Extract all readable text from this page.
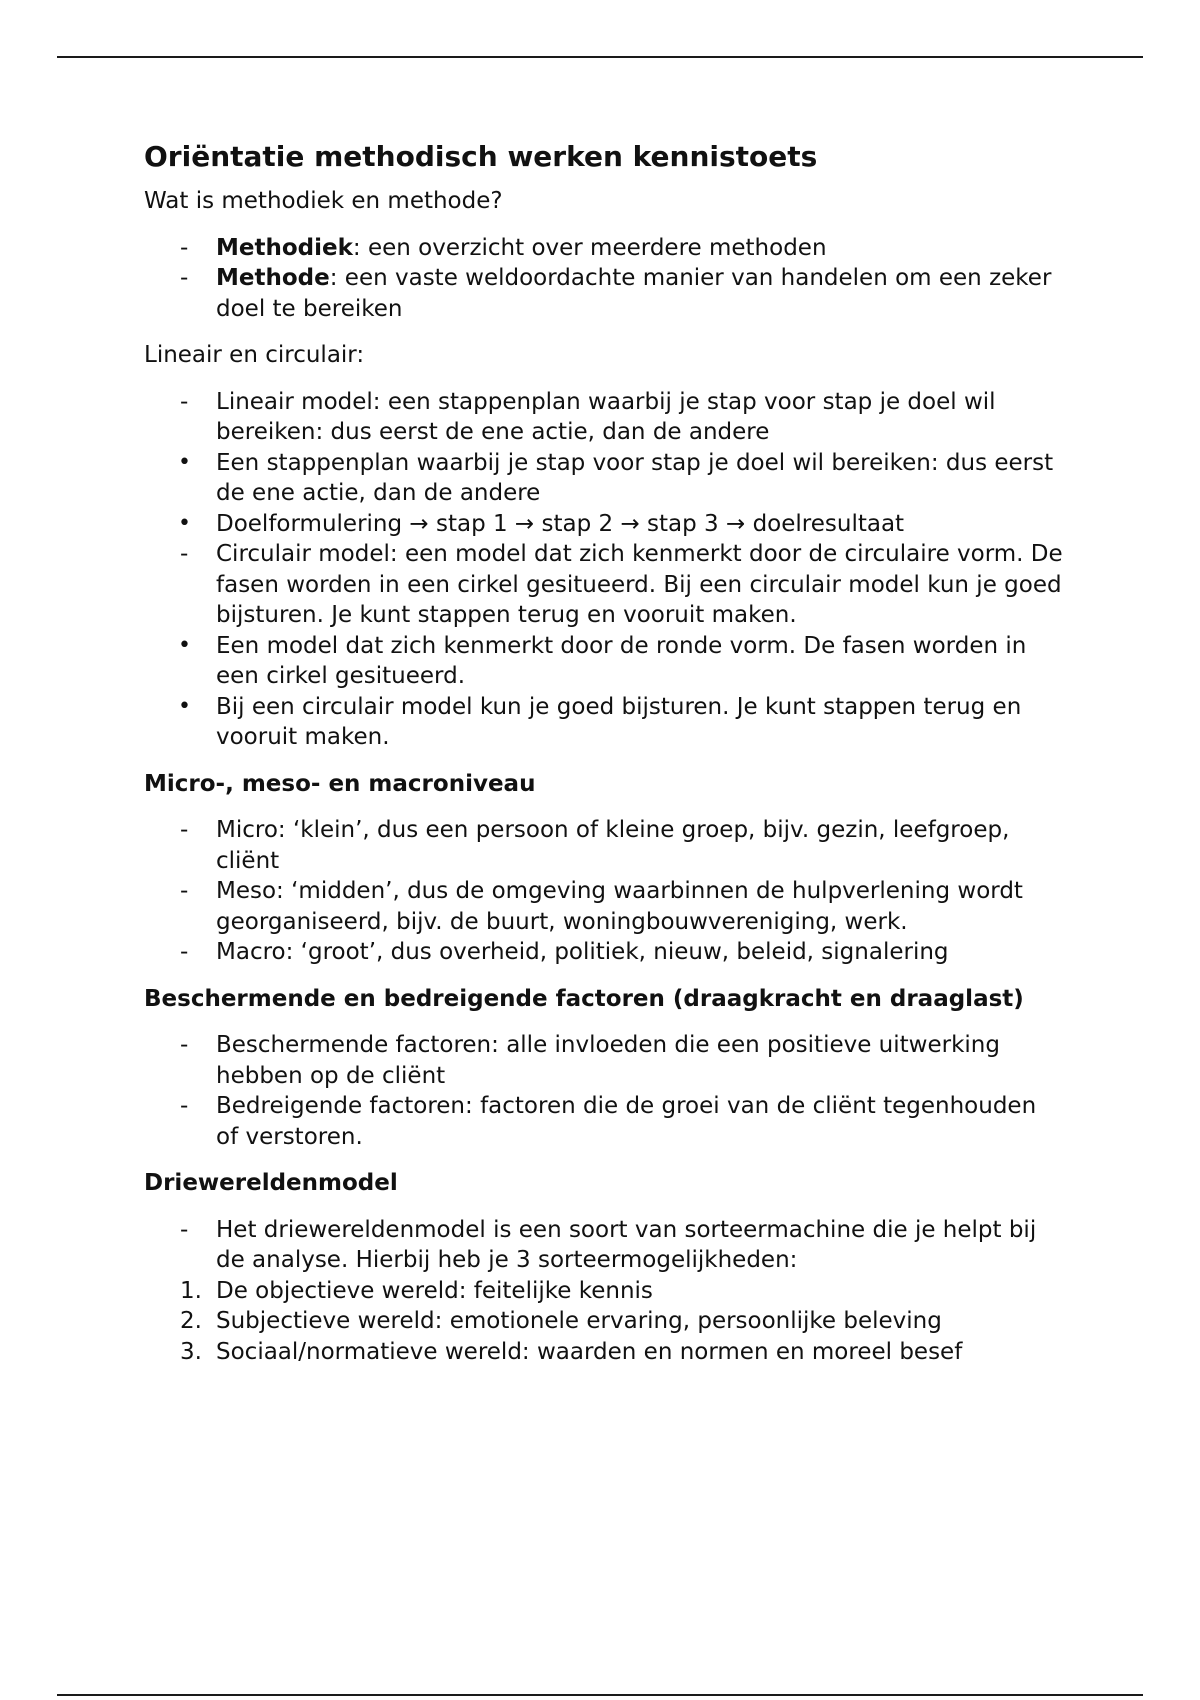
Oriëntatie methodisch werken kennistoets

Wat is methodiek en methode?

- Methodiek: een overzicht over meerdere methoden
- Methode: een vaste weldoordachte manier van handelen om een zeker doel te bereiken

Lineair en circulair:

- Lineair model: een stappenplan waarbij je stap voor stap je doel wil bereiken: dus eerst de ene actie, dan de andere
• Een stappenplan waarbij je stap voor stap je doel wil bereiken: dus eerst de ene actie, dan de andere
• Doelformulering → stap 1 → stap 2 → stap 3 → doelresultaat
- Circulair model: een model dat zich kenmerkt door de circulaire vorm. De fasen worden in een cirkel gesitueerd. Bij een circulair model kun je goed bijsturen. Je kunt stappen terug en vooruit maken.
• Een model dat zich kenmerkt door de ronde vorm. De fasen worden in een cirkel gesitueerd.
• Bij een circulair model kun je goed bijsturen. Je kunt stappen terug en vooruit maken.
Micro-, meso- en macroniveau
- Micro: ‘klein’, dus een persoon of kleine groep, bijv. gezin, leefgroep, cliënt
- Meso: ‘midden’, dus de omgeving waarbinnen de hulpverlening wordt georganiseerd, bijv. de buurt, woningbouwvereniging, werk.
- Macro: ‘groot’, dus overheid, politiek, nieuw, beleid, signalering
Beschermende en bedreigende factoren (draagkracht en draaglast)
- Beschermende factoren: alle invloeden die een positieve uitwerking hebben op de cliënt
- Bedreigende factoren: factoren die de groei van de cliënt tegenhouden of verstoren.
Driewereldenmodel
- Het driewereldenmodel is een soort van sorteermachine die je helpt bij de analyse. Hierbij heb je 3 sorteermogelijkheden:
1. De objectieve wereld: feitelijke kennis
2. Subjectieve wereld: emotionele ervaring, persoonlijke beleving
3. Sociaal/normatieve wereld: waarden en normen en moreel besef
